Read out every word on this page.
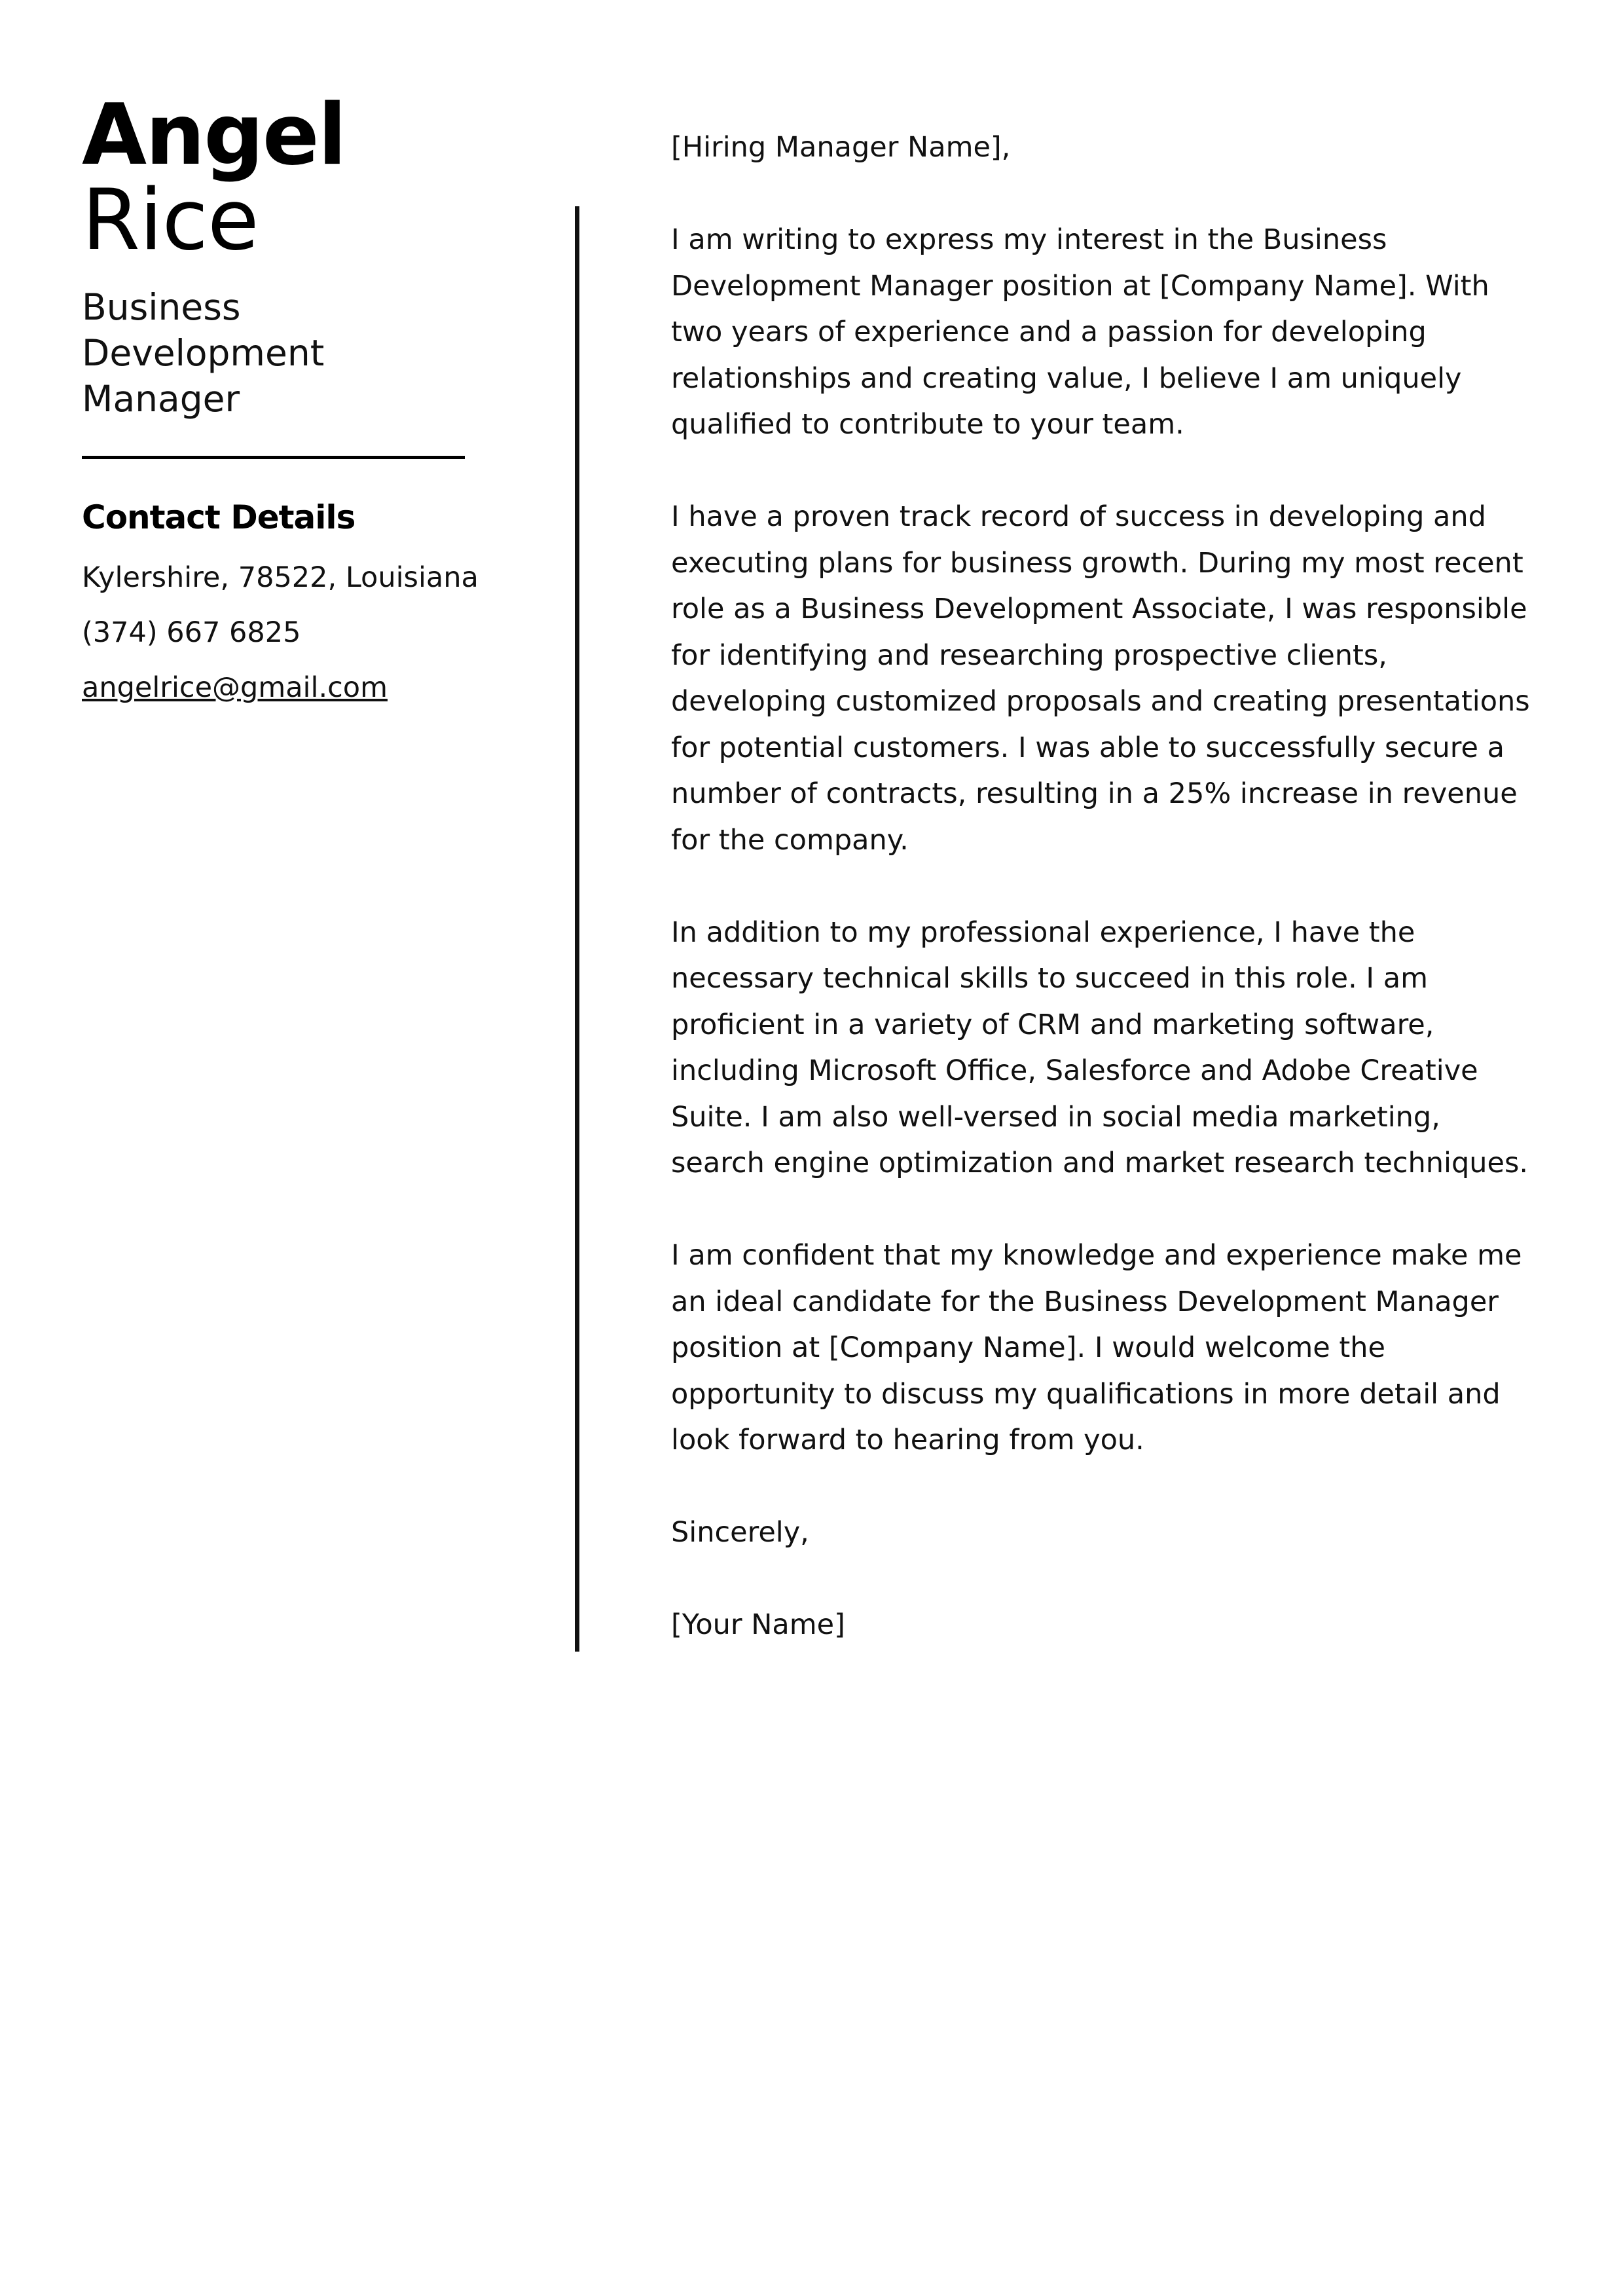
Angel
Rice
Business Development Manager
Contact Details
Kylershire, 78522, Louisiana
(374) 667 6825
angelrice@gmail.com

[Hiring Manager Name],

I am writing to express my interest in the Business Development Manager position at [Company Name]. With two years of experience and a passion for developing relationships and creating value, I believe I am uniquely qualified to contribute to your team.

I have a proven track record of success in developing and executing plans for business growth. During my most recent role as a Business Development Associate, I was responsible for identifying and researching prospective clients, developing customized proposals and creating presentations for potential customers. I was able to successfully secure a number of contracts, resulting in a 25% increase in revenue for the company.

In addition to my professional experience, I have the necessary technical skills to succeed in this role. I am proficient in a variety of CRM and marketing software, including Microsoft Office, Salesforce and Adobe Creative Suite. I am also well-versed in social media marketing, search engine optimization and market research techniques.

I am confident that my knowledge and experience make me an ideal candidate for the Business Development Manager position at [Company Name]. I would welcome the opportunity to discuss my qualifications in more detail and look forward to hearing from you.

Sincerely,

[Your Name]
